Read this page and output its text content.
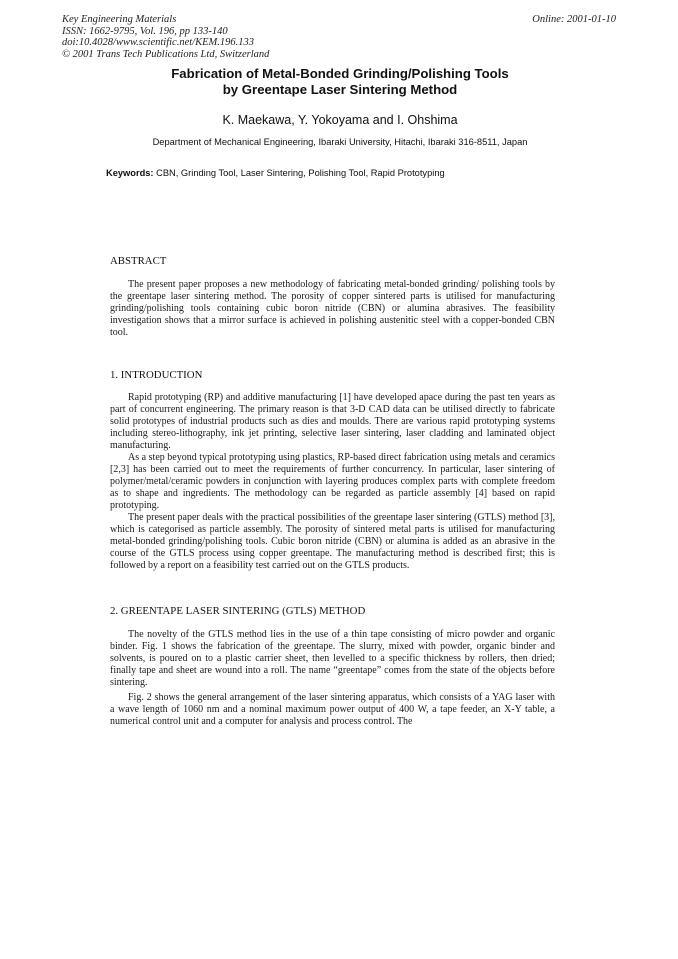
Key Engineering Materials
ISSN: 1662-9795, Vol. 196, pp 133-140
doi:10.4028/www.scientific.net/KEM.196.133
© 2001 Trans Tech Publications Ltd, Switzerland
Online: 2001-01-10
Fabrication of Metal-Bonded Grinding/Polishing Tools
by Greentape Laser Sintering Method
K. Maekawa, Y. Yokoyama and I. Ohshima
Department of Mechanical Engineering, Ibaraki University, Hitachi, Ibaraki 316-8511, Japan
Keywords: CBN, Grinding Tool, Laser Sintering, Polishing Tool, Rapid Prototyping
ABSTRACT

The present paper proposes a new methodology of fabricating metal-bonded grinding/ polishing tools by the greentape laser sintering method. The porosity of copper sintered parts is utilised for manufacturing grinding/polishing tools containing cubic boron nitride (CBN) or alumina abrasives. The feasibility investigation shows that a mirror surface is achieved in polishing austenitic steel with a copper-bonded CBN tool.

1. INTRODUCTION

Rapid prototyping (RP) and additive manufacturing [1] have developed apace during the past ten years as part of concurrent engineering. The primary reason is that 3-D CAD data can be utilised directly to fabricate solid prototypes of industrial products such as dies and moulds. There are various rapid prototyping systems including stereo-lithography, ink jet printing, selective laser sintering, laser cladding and laminated object manufacturing.

As a step beyond typical prototyping using plastics, RP-based direct fabrication using metals and ceramics [2,3] has been carried out to meet the requirements of further concurrency. In particular, laser sintering of polymer/metal/ceramic powders in conjunction with layering produces complex parts with complete freedom as to shape and ingredients. The methodology can be regarded as particle assembly [4] based on rapid prototyping.

The present paper deals with the practical possibilities of the greentape laser sintering (GTLS) method [3], which is categorised as particle assembly. The porosity of sintered metal parts is utilised for manufacturing metal-bonded grinding/polishing tools. Cubic boron nitride (CBN) or alumina is added as an abrasive in the course of the GTLS process using copper greentape. The manufacturing method is described first; this is followed by a report on a feasibility test carried out on the GTLS products.

2. GREENTAPE LASER SINTERING (GTLS) METHOD

The novelty of the GTLS method lies in the use of a thin tape consisting of micro powder and organic binder. Fig. 1 shows the fabrication of the greentape. The slurry, mixed with powder, organic binder and solvents, is poured on to a plastic carrier sheet, then levelled to a specific thickness by rollers, then dried; finally tape and sheet are wound into a roll. The name “greentape” comes from the state of the objects before sintering.

Fig. 2 shows the general arrangement of the laser sintering apparatus, which consists of a YAG laser with a wave length of 1060 nm and a nominal maximum power output of 400 W, a tape feeder, an X-Y table, a numerical control unit and a computer for analysis and process control. The
